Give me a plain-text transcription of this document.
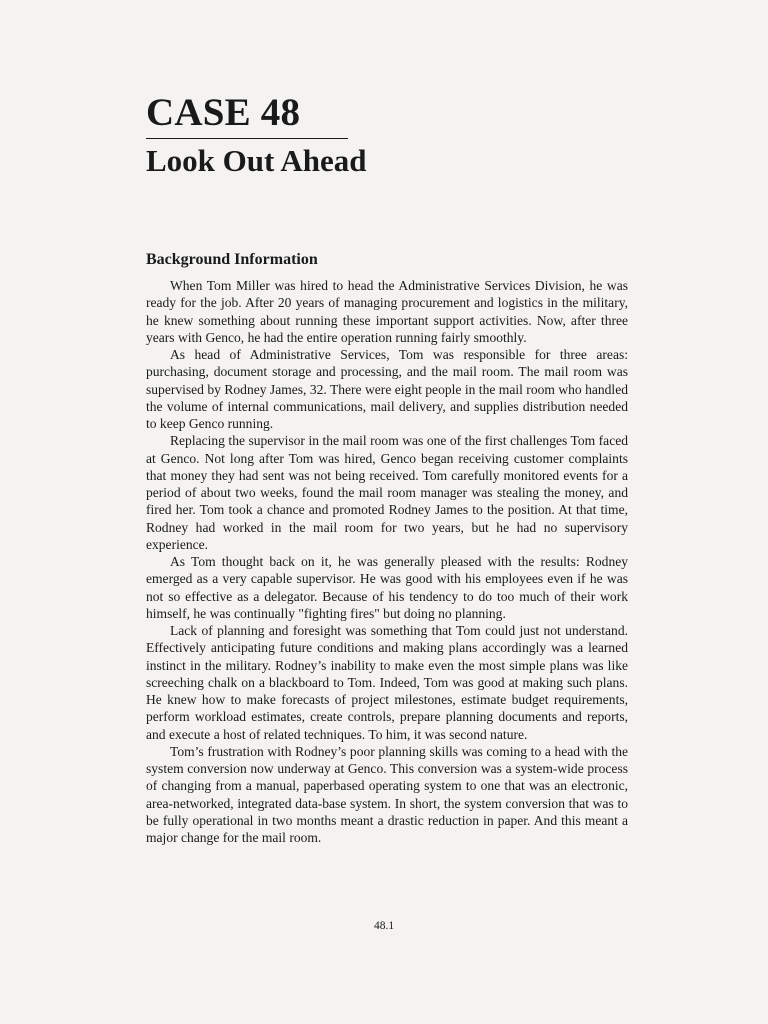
CASE 48
Look Out Ahead
Background Information

When Tom Miller was hired to head the Administrative Services Division, he was ready for the job. After 20 years of managing procurement and logistics in the military, he knew something about running these important support activities. Now, after three years with Genco, he had the entire operation running fairly smoothly.

As head of Administrative Services, Tom was responsible for three areas: purchasing, document storage and processing, and the mail room. The mail room was supervised by Rodney James, 32. There were eight people in the mail room who handled the volume of internal communications, mail delivery, and supplies distribution needed to keep Genco running.

Replacing the supervisor in the mail room was one of the first challenges Tom faced at Genco. Not long after Tom was hired, Genco began receiving customer complaints that money they had sent was not being received. Tom carefully monitored events for a period of about two weeks, found the mail room manager was stealing the money, and fired her. Tom took a chance and promoted Rodney James to the position. At that time, Rodney had worked in the mail room for two years, but he had no supervisory experience.

As Tom thought back on it, he was generally pleased with the results: Rodney emerged as a very capable supervisor. He was good with his employees even if he was not so effective as a delegator. Because of his tendency to do too much of their work himself, he was continually "fighting fires" but doing no planning.

Lack of planning and foresight was something that Tom could just not understand. Effectively anticipating future conditions and making plans accordingly was a learned instinct in the military. Rodney’s inability to make even the most simple plans was like screeching chalk on a blackboard to Tom. Indeed, Tom was good at making such plans. He knew how to make forecasts of project milestones, estimate budget requirements, perform workload estimates, create controls, prepare planning documents and reports, and execute a host of related techniques. To him, it was second nature.

Tom’s frustration with Rodney’s poor planning skills was coming to a head with the system conversion now underway at Genco. This conversion was a system-wide process of changing from a manual, paperbased operating system to one that was an electronic, area-networked, integrated data-base system. In short, the system conversion that was to be fully operational in two months meant a drastic reduction in paper. And this meant a major change for the mail room.

48.1
